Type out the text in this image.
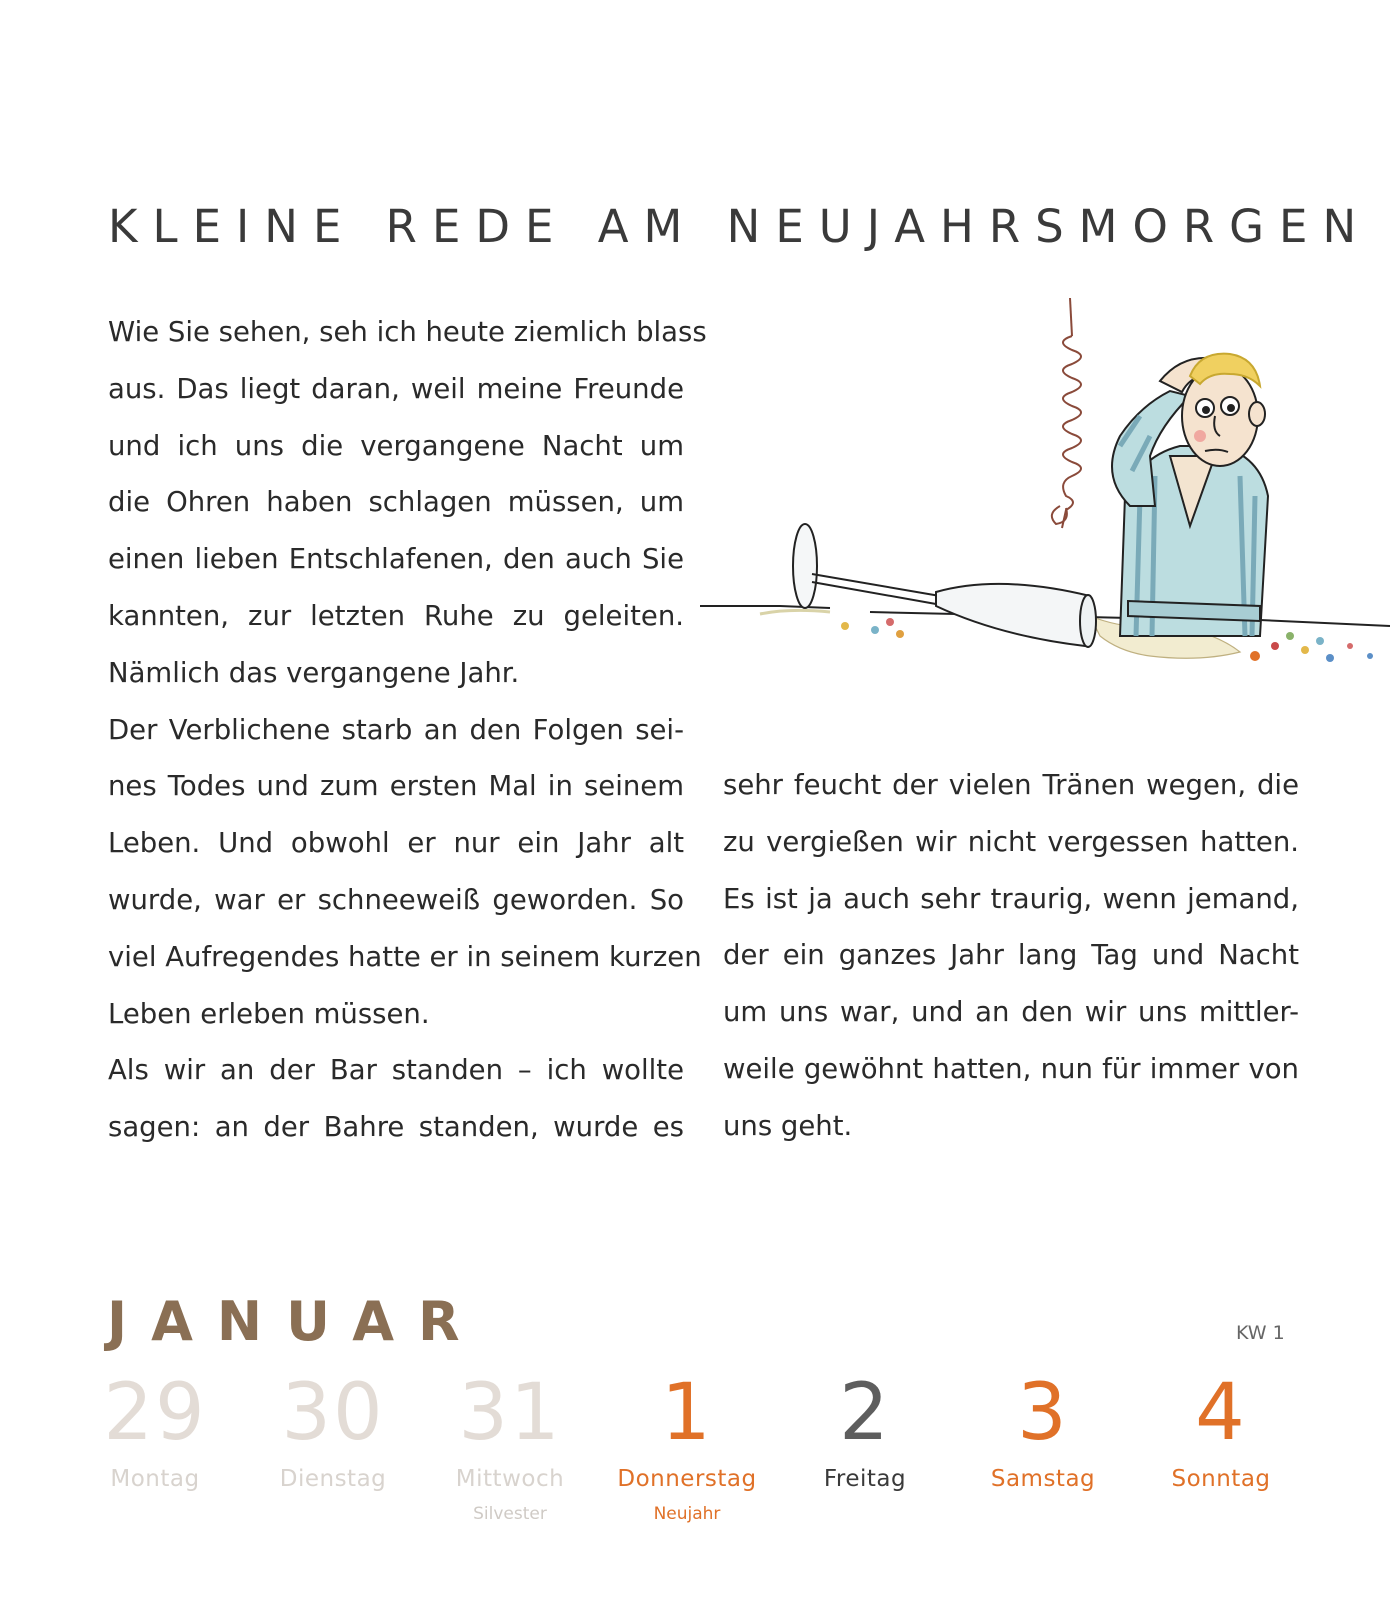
KLEINE REDE AM NEUJAHRSMORGEN
Wie Sie sehen, seh ich heute ziemlich blass
aus. Das liegt daran, weil meine Freunde
und ich uns die vergangene Nacht um
die Ohren haben schlagen müssen, um
einen lieben Entschlafenen, den auch Sie
kannten, zur letzten Ruhe zu geleiten.
Nämlich das vergangene Jahr.
Der Verblichene starb an den Folgen sei-
nes Todes und zum ersten Mal in seinem
Leben. Und obwohl er nur ein Jahr alt
wurde, war er schneeweiß geworden. So
viel Aufregendes hatte er in seinem kurzen
Leben erleben müssen.
Als wir an der Bar standen – ich wollte
sagen: an der Bahre standen, wurde es
sehr feucht der vielen Tränen wegen, die
zu vergießen wir nicht vergessen hatten.
Es ist ja auch sehr traurig, wenn jemand,
der ein ganzes Jahr lang Tag und Nacht
um uns war, und an den wir uns mittler-
weile gewöhnt hatten, nun für immer von
uns geht.
JANUAR	KW 1
29
Montag
30
Dienstag
31
Mittwoch
Silvester
1
Donnerstag
Neujahr
2
Freitag
3
Samstag
4
Sonntag
